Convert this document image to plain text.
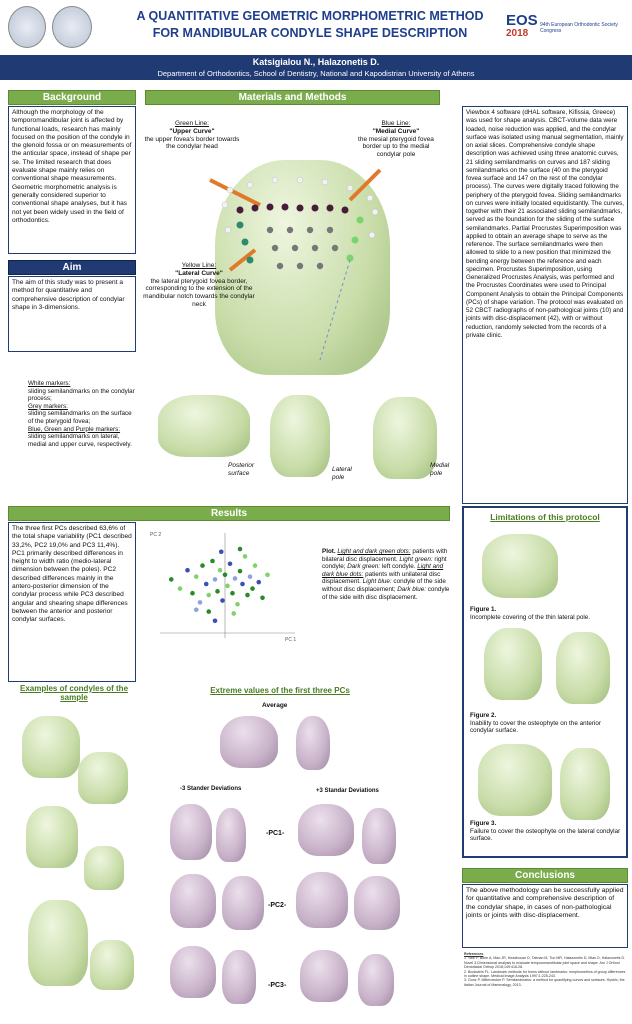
A QUANTITATIVE GEOMETRIC MORPHOMETRIC METHOD
FOR MANDIBULAR CONDYLE SHAPE DESCRIPTION
EOS
2018
94th European Orthodontic Society Congress
Katsigialou N., Halazonetis D.
Department of Orthodontics, School of Dentistry, National and Kapodistrian University of Athens
Background
Although the morphology of the temporomandibular joint is affected by functional loads, research has mainly focused on the position of the condyle in the glenoid fossa or on measurements of the anticular space, instead of shape per se. The limited research that does evaluate shape mainly relies on conventional shape measurements. Geometric morphometric analysis is generally considered superior to conventional shape analyses, but it has not yet been widely used in the field of orthodontics.
Aim
The aim of this study was to present a method for quantitative and comprehensive description of condylar shape in 3-dimensions.
White markers:
sliding semilandmarks on the condylar process;
Grey markers:
sliding semilandmarks on the surface of the pterygoid fovea;
Blue, Green and Purple markers: sliding semilandmarks on lateral, medial and upper curve, respectively.
Materials and Methods
Green Line:
"Upper Curve"
the upper fovea's border towards the condylar head
Blue Line:
"Medial Curve"
the mesial pterygoid fovea border up to the medial condylar pole
Yellow Line:
"Lateral Curve"
the lateral pterygoid fovea border, corresponding to the extension of the mandibular notch towards the condylar neck
Posterior surface
Lateral pole
Medial pole
Viewbox 4 software (dHAL software, Kifissia, Greece) was used for shape analysis. CBCT-volume data were loaded, noise reduction was applied, and the condylar surface was isolated using manual segmentation, mainly on axial slices. Comprehensive condyle shape description was achieved using three anatomic curves, 21 sliding semilandmarks on curves and 187 sliding semilandmarks on the surface (40 on the pterygoid fovea surface and 147 on the rest of the condylar process). The curves were digitally traced following the periphery of the pterygoid fovea. Sliding semilandmarks on curves were initially located equidistantly. The curves, together with their 21 associated sliding semilandmarks, served as the foundation for the sliding of the surface semilandmarks. Partial Procrustes Superimposition was applied to obtain an average shape to serve as the reference. The surface semilandmarks were then allowed to slide to a new position that minimized the bending energy between the reference and each specimen. Procrustes Superimposition, using Generalized Procrustes Analysis, was performed and the Procrustes Coordinates were used to Principal Component Analysis to obtain the Principal Components (PCs) of shape variation. The protocol was evaluated on 52 CBCT radiographs of non-pathological joints (10) and joints with disc-displacement (42), with or without reduction, randomly selected from the records of a private clinic.
Results
The three first PCs described 63,6% of the total shape variability (PC1 described 33,2%, PC2 19,0% and PC3 11,4%). PC1 primarily described differences in height to width ratio (medio-lateral dimension between the poles). PC2 described differences mainly in the antero-posterior dimension of the condylar process while PC3 described angular and shearing shape differences between the anterior and posterior condylar surfaces.
PC 2
PC 1
Plot. Light and dark green dots: patients with bilateral disc displacement. Light green: right condyle; Dark green: left condyle. Light and dark blue dots: patients with unilateral disc displacement. Light blue: condyle of the side without disc displacement; Dark blue: condyle of the side with disc displacement.
Examples of condyles of the sample
Extreme values of the first three PCs
Average
-3 Stander Deviations	+3 Standar Deviations
-PC1-
-PC2-
-PC3-
Limitations of this protocol
Figure 1.
Incomplete covering of the thin lateral pole.
Figure 2.
Inability to cover the osteophyte on the anterior condylar surface.
Figure 3.
Failure to cover the osteophyte on the lateral condylar surface.
Conclusions
The above methodology can be successfully applied for quantitative and comprehensive description of the condylar shape, in cases of non-pathological joints or joints with disc-displacement.
References
1. Yale P, Bibre A, Mao JR, Headhouse D, Tatman M, Tun MR, Halazonetis D, Mian D, Halazonetis D. Novel 3-Dimensional analysis to evaluate temporomandibular joint space and shape. Am J Orthod Dentofacial Orthop 2016;149:416-28.
2. Bookstein FL. Landmark methods for forms without landmarks: morphometrics of group differences in outline shape. Medical Image Analysis 1997;1:225-243.
3. Gunz P, Mitteroecker P. Semilandmarks: a method for quantifying curves and surfaces. Hystrix, the Italian Journal of Mammalogy, 2013.
